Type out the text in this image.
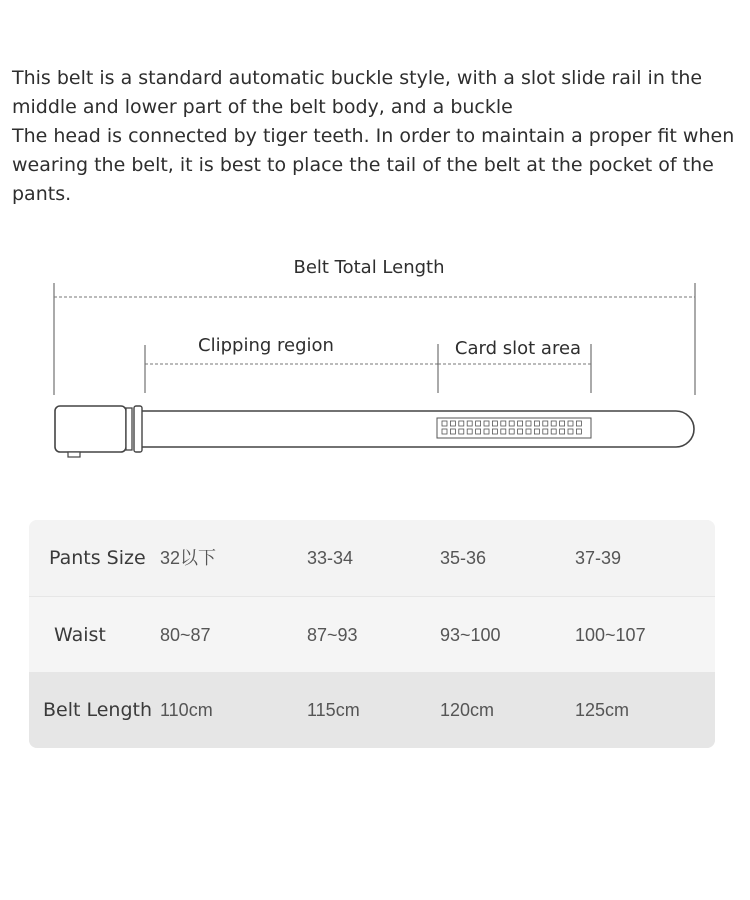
This belt is a standard automatic buckle style, with a slot slide rail in the middle and lower part of the belt body, and a buckle

The head is connected by tiger teeth. In order to maintain a proper fit when wearing the belt, it is best to place the tail of the belt at the pocket of the pants.

Belt Total Length
Clipping region	Card slot area
Pants Size 32以下	33-34	35-36	37-39
Waist	80~87	87~93	93~100	100~107
Belt Length 110cm	115cm	120cm	125cm
